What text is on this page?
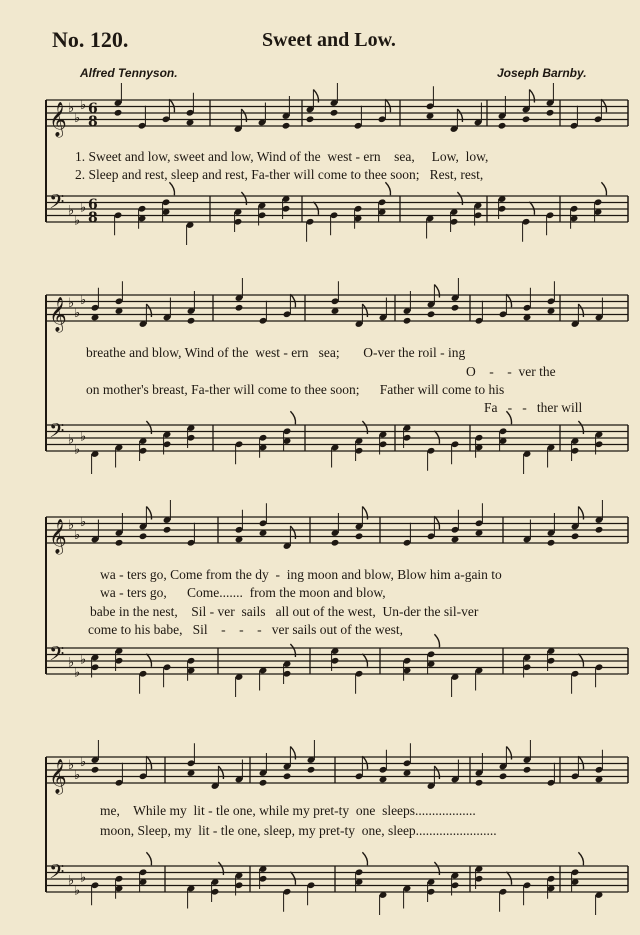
No. 120.	Sweet and Low.
Alfred Tennyson.	Joseph Barnby.
𝄞 ♭
♭
♭ 6
8
𝄢 ♭
♭
♭ 6
8
𝄞 ♭
♭
♭
𝄢 ♭
♭
♭
𝄞 ♭
♭
♭
𝄢 ♭
♭
♭
𝄞 ♭
♭
♭
𝄢 ♭
♭
♭
1. Sweet and low, sweet and low, Wind of the  west - ern    sea,     Low,  low,
2. Sleep and rest, sleep and rest, Fa-ther will come to thee soon;   Rest, rest,
breathe and blow, Wind of the  west - ern   sea;       O-ver the roil - ing
O    -    -  ver the
on mother's breast, Fa-ther will come to thee soon;      Father will come to his
Fa   -   -   ther will
wa - ters go, Come from the dy  -  ing moon and blow, Blow him a-gain to
wa - ters go,      Come.......  from the moon and blow,
babe in the nest,    Sil - ver  sails   all out of the west,  Un-der the sil-ver
come to his babe,   Sil    -    -    -   ver sails out of the west,
me,    While my  lit - tle one, while my pret-ty  one  sleeps..................
moon, Sleep, my  lit - tle one, sleep, my pret-ty  one, sleep........................
